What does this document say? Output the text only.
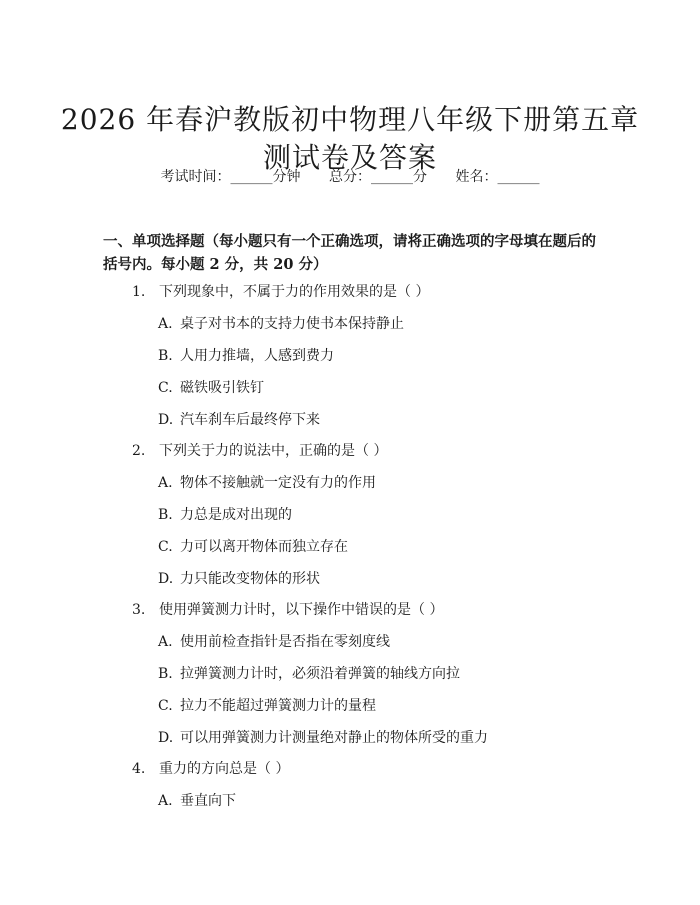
2026 年春沪教版初中物理八年级下册第五章
测试卷及答案
考试时间：______分钟 总分：______分 姓名：______

一、单项选择题（每小题只有一个正确选项，请将正确选项的字母填在题后的括号内。每小题 2 分，共 20 分）

1. 下列现象中，不属于力的作用效果的是（ ）
A. 桌子对书本的支持力使书本保持静止
B. 人用力推墙，人感到费力
C. 磁铁吸引铁钉
D. 汽车刹车后最终停下来
2. 下列关于力的说法中，正确的是（ ）
A. 物体不接触就一定没有力的作用
B. 力总是成对出现的
C. 力可以离开物体而独立存在
D. 力只能改变物体的形状
3. 使用弹簧测力计时，以下操作中错误的是（ ）
A. 使用前检查指针是否指在零刻度线
B. 拉弹簧测力计时，必须沿着弹簧的轴线方向拉
C. 拉力不能超过弹簧测力计的量程
D. 可以用弹簧测力计测量绝对静止的物体所受的重力
4. 重力的方向总是（ ）
A. 垂直向下
